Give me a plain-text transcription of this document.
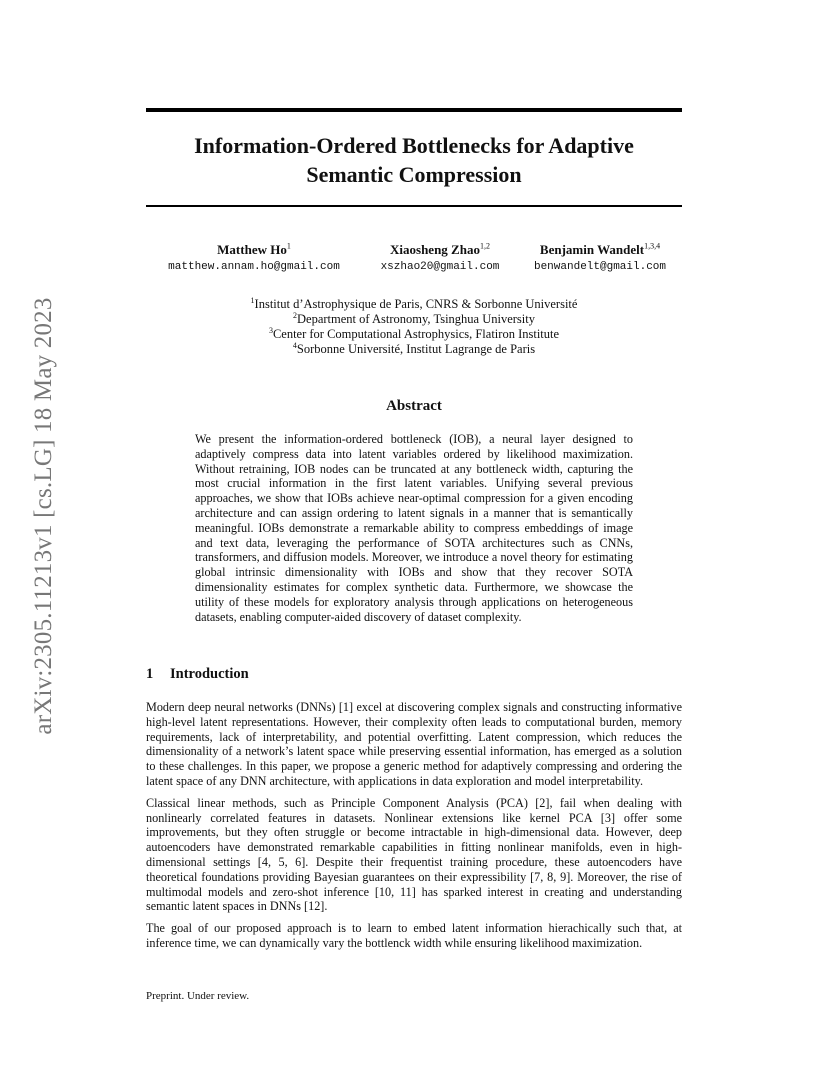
arXiv:2305.11213v1 [cs.LG] 18 May 2023
Information-Ordered Bottlenecks for Adaptive
Semantic Compression
Matthew Ho$^1$
matthew.annam.ho@gmail.com
Xiaosheng Zhao$^{1,2}$
xszhao20@gmail.com
Benjamin Wandelt$^{1,3,4}$
benwandelt@gmail.com
$^1$Institut d’Astrophysique de Paris, CNRS & Sorbonne Université
$^2$Department of Astronomy, Tsinghua University
$^3$Center for Computational Astrophysics, Flatiron Institute
$^4$Sorbonne Université, Institut Lagrange de Paris
Abstract
We present the information-ordered bottleneck (IOB), a neural layer designed to adaptively compress data into latent variables ordered by likelihood maximization. Without retraining, IOB nodes can be truncated at any bottleneck width, capturing the most crucial information in the first latent variables. Unifying several previous approaches, we show that IOBs achieve near-optimal compression for a given encoding architecture and can assign ordering to latent signals in a manner that is semantically meaningful. IOBs demonstrate a remarkable ability to compress embeddings of image and text data, leveraging the performance of SOTA architectures such as CNNs, transformers, and diffusion models. Moreover, we introduce a novel theory for estimating global intrinsic dimensionality with IOBs and show that they recover SOTA dimensionality estimates for complex synthetic data. Furthermore, we showcase the utility of these models for exploratory analysis through applications on heterogeneous datasets, enabling computer-aided discovery of dataset complexity.
1 Introduction

Modern deep neural networks (DNNs) [1] excel at discovering complex signals and constructing informative high-level latent representations. However, their complexity often leads to computational burden, memory requirements, lack of interpretability, and potential overfitting. Latent compression, which reduces the dimensionality of a network’s latent space while preserving essential information, has emerged as a solution to these challenges. In this paper, we propose a generic method for adaptively compressing and ordering the latent space of any DNN architecture, with applications in data exploration and model interpretability.

Classical linear methods, such as Principle Component Analysis (PCA) [2], fail when dealing with nonlinearly correlated features in datasets. Nonlinear extensions like kernel PCA [3] offer some improvements, but they often struggle or become intractable in high-dimensional data. However, deep autoencoders have demonstrated remarkable capabilities in fitting nonlinear manifolds, even in high-dimensional settings [4, 5, 6]. Despite their frequentist training procedure, these autoencoders have theoretical foundations providing Bayesian guarantees on their expressibility [7, 8, 9]. Moreover, the rise of multimodal models and zero-shot inference [10, 11] has sparked interest in creating and understanding semantic latent spaces in DNNs [12].

The goal of our proposed approach is to learn to embed latent information hierachically such that, at inference time, we can dynamically vary the bottlenck width while ensuring likelihood maximization.

Preprint. Under review.
